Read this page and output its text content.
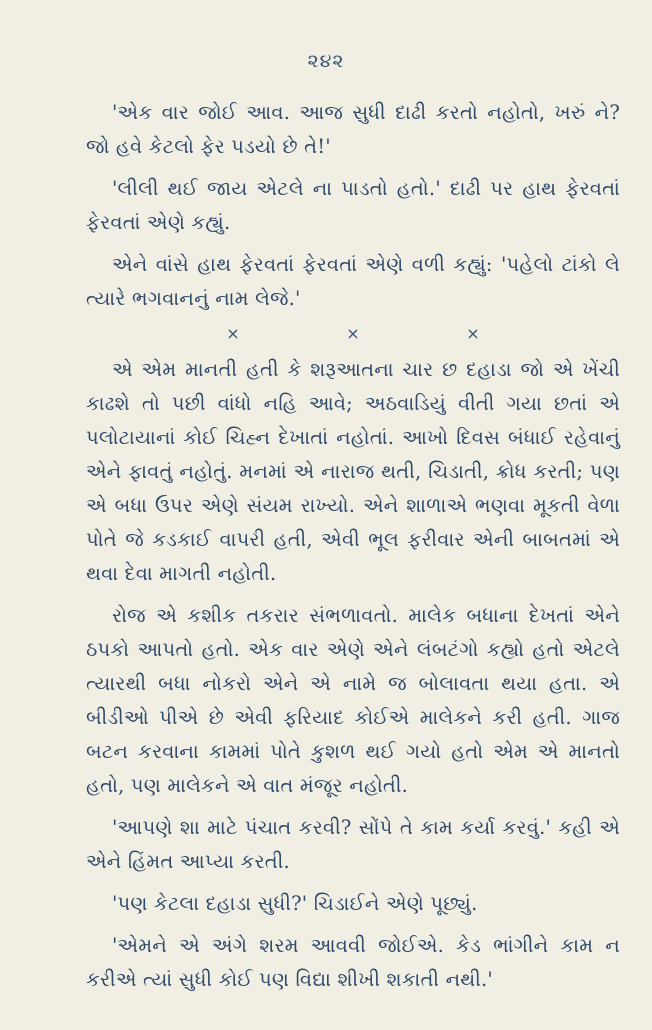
૨૪૨

'એક વાર જોઈ આવ. આજ સુધી દાઢી કરતો નહોતો, ખરું ને? જો હવે કેટલો ફેર પડયો છે તે!'

'લીલી થઈ જાય એટલે ના પાડતો હતો.' દાઢી પર હાથ ફેરવતાં ફેરવતાં એણે કહ્યું.

એને વાંસે હાથ ફેરવતાં ફેરવતાં એણે વળી કહ્યું: 'પહેલો ટાંકો લે ત્યારે ભગવાનનું નામ લેજે.'

×	×	×

એ એમ માનતી હતી કે શરૂઆતના ચાર છ દહાડા જો એ ખેંચી કાઢશે તો પછી વાંધો નહિ આવે; અઠવાડિયું વીતી ગયા છતાં એ પલોટાયાનાં કોઈ ચિહ્ન દેખાતાં નહોતાં. આખો દિવસ બંધાઈ રહેવાનું એને ફાવતું નહોતું. મનમાં એ નારાજ થતી, ચિડાતી, ક્રોધ કરતી; પણ એ બધા ઉપર એણે સંયમ રાખ્યો. એને શાળાએ ભણવા મૂકતી વેળા પોતે જે કડકાઈ વાપરી હતી, એવી ભૂલ ફરીવાર એની બાબતમાં એ થવા દેવા માગતી નહોતી.

રોજ એ કશીક તકરાર સંભળાવતો. માલેક બધાના દેખતાં એને ઠપકો આપતો હતો. એક વાર એણે એને લંબટંગો કહ્યો હતો એટલે ત્યારથી બધા નોકરો એને એ નામે જ બોલાવતા થયા હતા. એ બીડીઓ પીએ છે એવી ફરિયાદ કોઈએ માલેકને કરી હતી. ગાજ બટન કરવાના કામમાં પોતે કુશળ થઈ ગયો હતો એમ એ માનતો હતો, પણ માલેકને એ વાત મંજૂર નહોતી.

'આપણે શા માટે પંચાત કરવી? સોંપે તે કામ કર્યા કરવું.' કહી એ એને હિંમત આપ્યા કરતી.

'પણ કેટલા દહાડા સુધી?' ચિડાઈને એણે પૂછ્યું.

'એમને એ અંગે શરમ આવવી જોઈએ. કેડ ભાંગીને કામ ન કરીએ ત્યાં સુધી કોઈ પણ વિદ્યા શીખી શકાતી નથી.'
